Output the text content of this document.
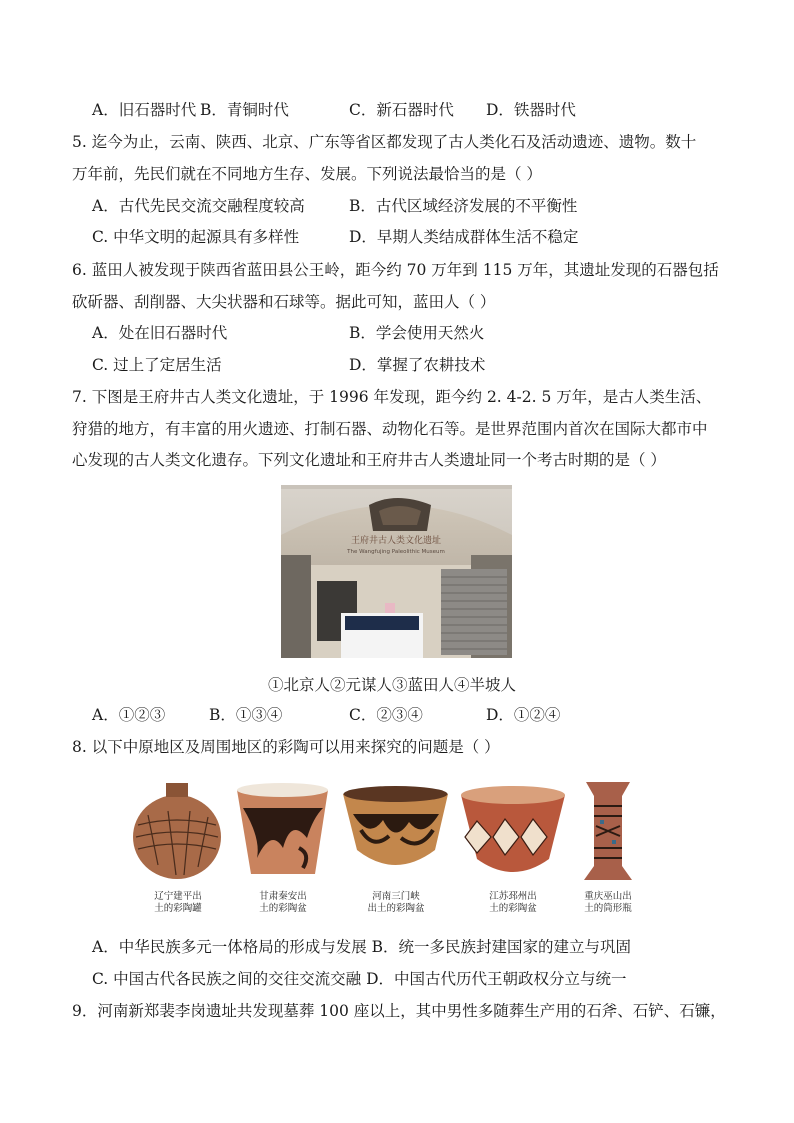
A．旧石器时代 B．青铜时代	C．新石器时代 D．铁器时代
5. 迄今为止，云南、陕西、北京、广东等省区都发现了古人类化石及活动遗迹、遗物。数十
万年前，先民们就在不同地方生存、发展。下列说法最恰当的是（ ）
A．古代先民交流交融程度较高	B．古代区域经济发展的不平衡性
C. 中华文明的起源具有多样性	D．早期人类结成群体生活不稳定
6. 蓝田人被发现于陕西省蓝田县公王岭，距今约 70 万年到 115 万年，其遗址发现的石器包括
砍斫器、刮削器、大尖状器和石球等。据此可知，蓝田人（ ）
A．处在旧石器时代	B．学会使用天然火
C. 过上了定居生活	D．掌握了农耕技术
7. 下图是王府井古人类文化遗址，于 1996 年发现，距今约 2. 4-2. 5 万年，是古人类生活、
狩猎的地方，有丰富的用火遗迹、打制石器、动物化石等。是世界范围内首次在国际大都市中
心发现的古人类文化遗存。下列文化遗址和王府井古人类遗址同一个考古时期的是（ ）
王府井古人类文化遗址
The Wangfujing Paleolithic Museum
①北京人②元谋人③蓝田人④半坡人
A．①②③	B．①③④	C．②③④	D．①②④
8. 以下中原地区及周围地区的彩陶可以用来探究的问题是（ ）
辽宁建平出
土的彩陶罐
甘肃秦安出
土的彩陶盆
河南三门峡
出土的彩陶盆
江苏邳州出
土的彩陶盆
重庆巫山出
土的筒形瓶
A．中华民族多元一体格局的形成与发展 B．统一多民族封建国家的建立与巩固
C. 中国古代各民族之间的交往交流交融 D．中国古代历代王朝政权分立与统一
9．河南新郑裴李岗遗址共发现墓葬 100 座以上，其中男性多随葬生产用的石斧、石铲、石镰，
